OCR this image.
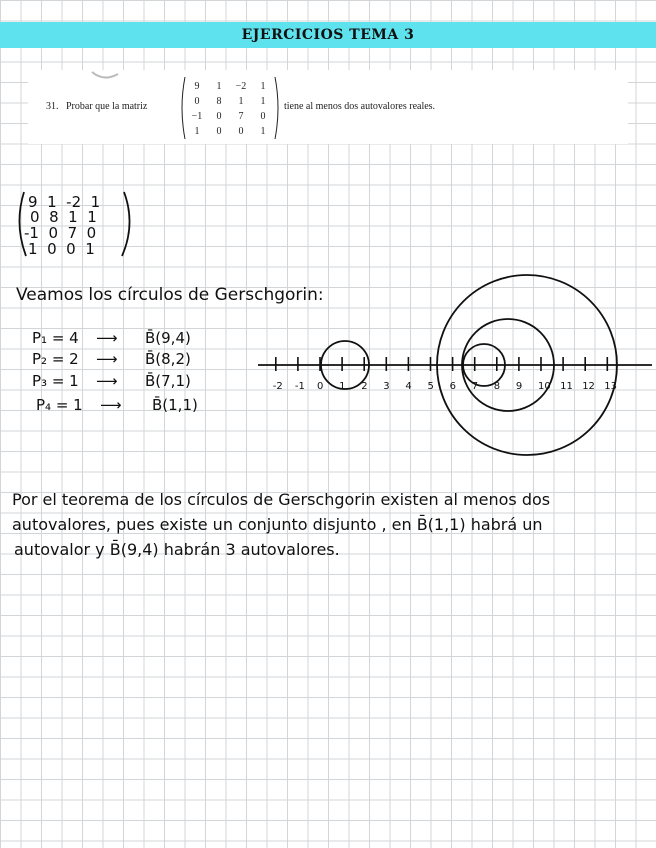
EJERCICIOS TEMA 3
31. Probar que la matriz
9	1	−2	1
0	8	1	1
−1	0	7	0
1	0	0	1
tiene al menos dos autovalores reales.
9  1  -2  1
0  8  1  1
-1  0  7  0
1  0  0  1
Veamos los círculos de Gerschgorin:
P₁ = 4 ⟶ B̄(9,4)
P₂ = 2 ⟶ B̄(8,2)
P₃ = 1 ⟶ B̄(7,1)
P₄ = 1 ⟶ B̄(1,1)
-2 -1 0 1 2 3 4 5 6 7 8 9 10 11 12 13
Por el teorema de los círculos de Gerschgorin existen al menos dos
autovalores, pues existe un conjunto disjunto , en B̄(1,1) habrá un
autovalor y B̄(9,4) habrán 3 autovalores.
